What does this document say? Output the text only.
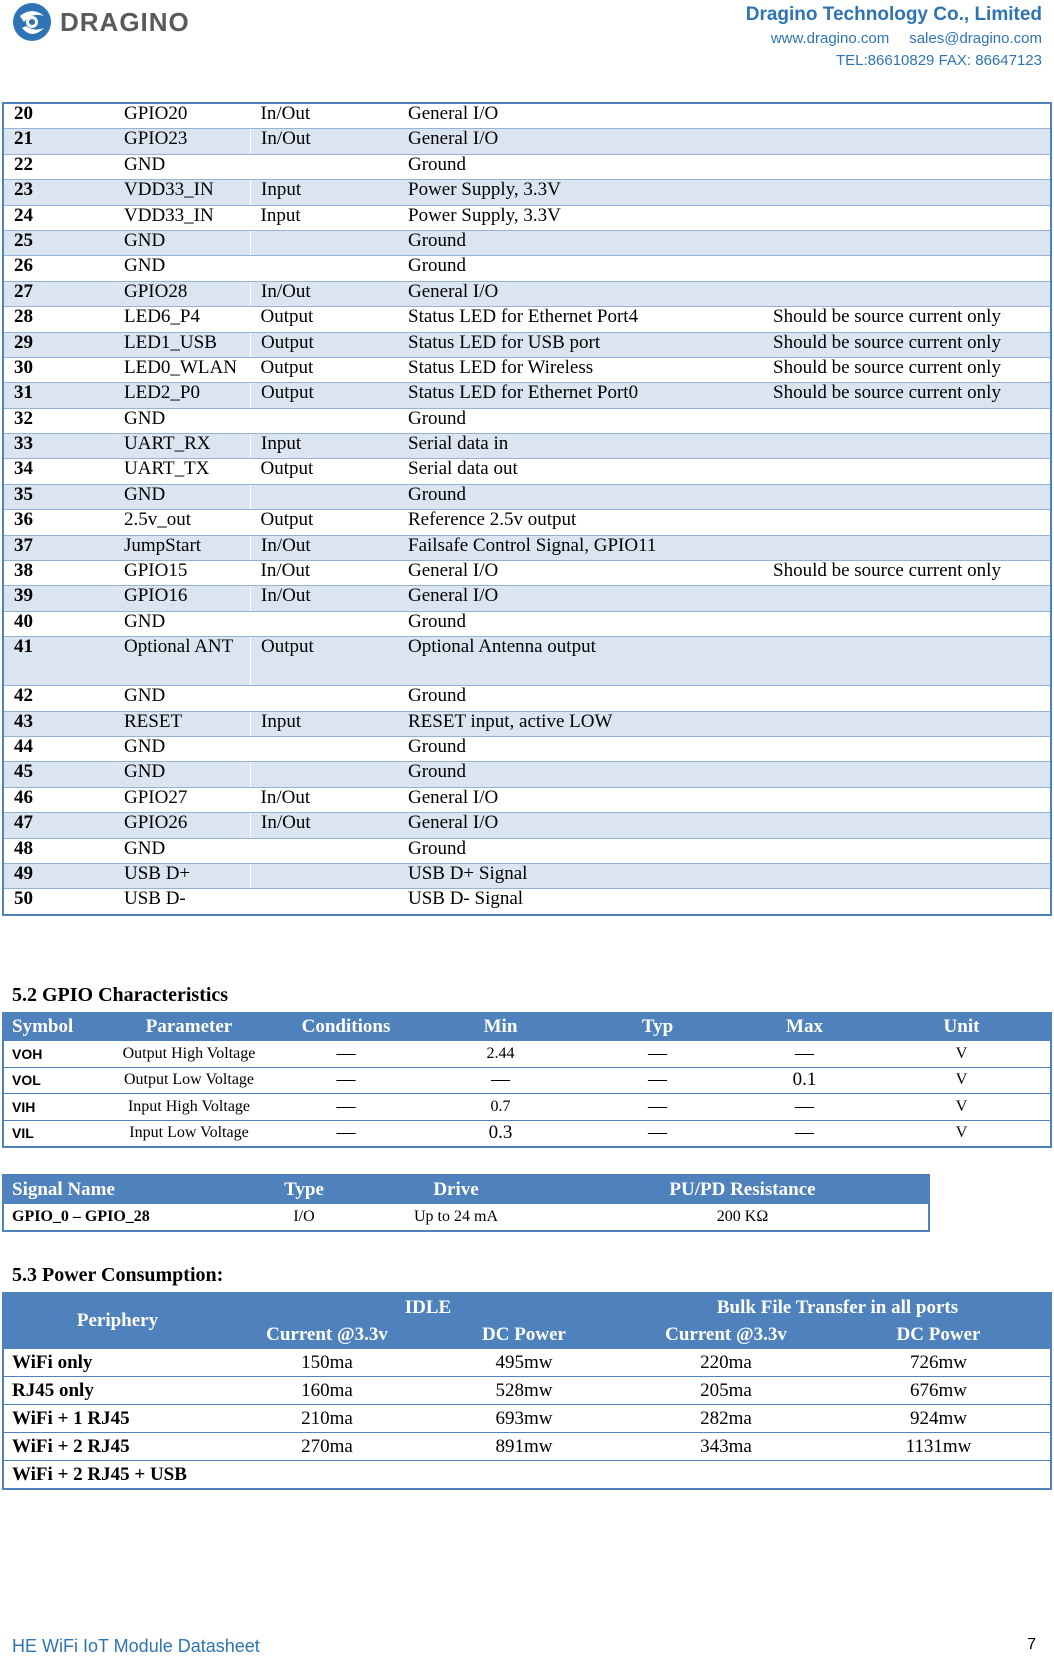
DRAGINO	Dragino Technology Co., Limited
www.dragino.com sales@dragino.com
TEL:86610829 FAX: 86647123
20	GPIO20	In/Out	General I/O	
21	GPIO23	In/Out	General I/O	
22	GND		Ground	
23	VDD33_IN	Input	Power Supply, 3.3V	
24	VDD33_IN	Input	Power Supply, 3.3V	
25	GND		Ground	
26	GND		Ground	
27	GPIO28	In/Out	General I/O	
28	LED6_P4	Output	Status LED for Ethernet Port4	Should be source current only
29	LED1_USB	Output	Status LED for USB port	Should be source current only
30	LED0_WLAN	Output	Status LED for Wireless	Should be source current only
31	LED2_P0	Output	Status LED for Ethernet Port0	Should be source current only
32	GND		Ground	
33	UART_RX	Input	Serial data in	
34	UART_TX	Output	Serial data out	
35	GND		Ground	
36	2.5v_out	Output	Reference 2.5v output	
37	JumpStart	In/Out	Failsafe Control Signal, GPIO11	
38	GPIO15	In/Out	General I/O	Should be source current only
39	GPIO16	In/Out	General I/O	
40	GND		Ground	
41	Optional ANT	Output	Optional Antenna output	
42	GND		Ground	
43	RESET	Input	RESET input, active LOW	
44	GND		Ground	
45	GND		Ground	
46	GPIO27	In/Out	General I/O	
47	GPIO26	In/Out	General I/O	
48	GND		Ground	
49	USB D+		USB D+ Signal	
50	USB D-		USB D- Signal	
5.2 GPIO Characteristics
Symbol	Parameter	Conditions	Min	Typ	Max	Unit
VOH	Output High Voltage	—	2.44	—	—	V
VOL	Output Low Voltage	—	—	—	0.1	V
VIH	Input High Voltage	—	0.7	—	—	V
VIL	Input Low Voltage	—	0.3	—	—	V
Signal Name	Type	Drive	PU/PD Resistance
GPIO_0 – GPIO_28	I/O	Up to 24 mA	200 KΩ
5.3 Power Consumption:
Periphery	IDLE		Bulk File Transfer in all ports	
	Current @3.3v	DC Power	Current @3.3v	DC Power
WiFi only	150ma	495mw	220ma	726mw
RJ45 only	160ma	528mw	205ma	676mw
WiFi + 1 RJ45	210ma	693mw	282ma	924mw
WiFi + 2 RJ45	270ma	891mw	343ma	1131mw
WiFi + 2 RJ45 + USB				
HE WiFi IoT Module Datasheet	7
